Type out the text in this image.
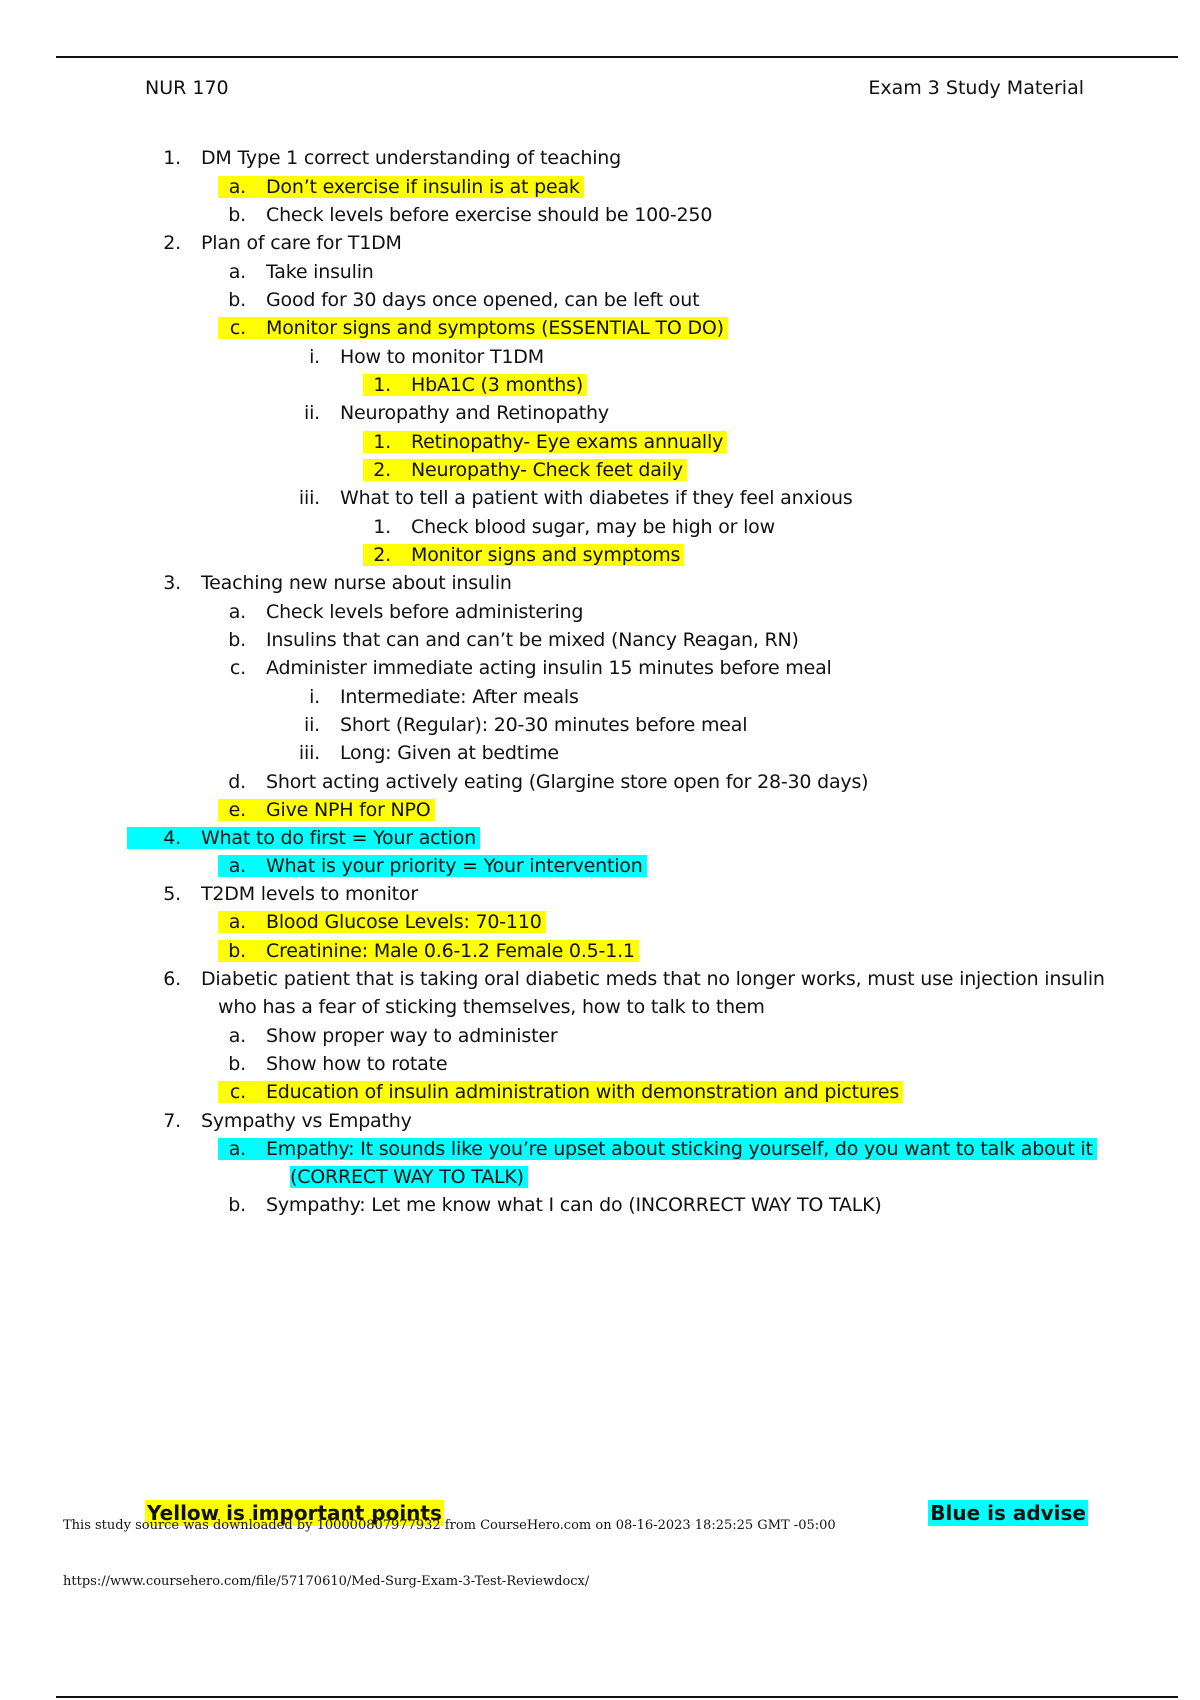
NUR 170	Exam 3 Study Material
1. DM Type 1 correct understanding of teaching
a. Don’t exercise if insulin is at peak
b. Check levels before exercise should be 100-250
2. Plan of care for T1DM
a. Take insulin
b. Good for 30 days once opened, can be left out
c. Monitor signs and symptoms (ESSENTIAL TO DO)
i. How to monitor T1DM
1. HbA1C (3 months)
ii. Neuropathy and Retinopathy
1. Retinopathy- Eye exams annually
2. Neuropathy- Check feet daily
iii. What to tell a patient with diabetes if they feel anxious
1. Check blood sugar, may be high or low
2. Monitor signs and symptoms
3. Teaching new nurse about insulin
a. Check levels before administering
b. Insulins that can and can’t be mixed (Nancy Reagan, RN)
c. Administer immediate acting insulin 15 minutes before meal
i. Intermediate: After meals
ii. Short (Regular): 20-30 minutes before meal
iii. Long: Given at bedtime
d. Short acting actively eating (Glargine store open for 28-30 days)
e. Give NPH for NPO
4. What to do first = Your action
a. What is your priority = Your intervention
5. T2DM levels to monitor
a. Blood Glucose Levels: 70-110
b. Creatinine: Male 0.6-1.2 Female 0.5-1.1
6. Diabetic patient that is taking oral diabetic meds that no longer works, must use injection insulin
who has a fear of sticking themselves, how to talk to them
a. Show proper way to administer
b. Show how to rotate
c. Education of insulin administration with demonstration and pictures
7. Sympathy vs Empathy
a. Empathy: It sounds like you’re upset about sticking yourself, do you want to talk about it
(CORRECT WAY TO TALK)
b. Sympathy: Let me know what I can do (INCORRECT WAY TO TALK)
Yellow is important points	Blue is advise
This study source was downloaded by 100000807977932 from CourseHero.com on 08-16-2023 18:25:25 GMT -05:00
https://www.coursehero.com/file/57170610/Med-Surg-Exam-3-Test-Reviewdocx/
